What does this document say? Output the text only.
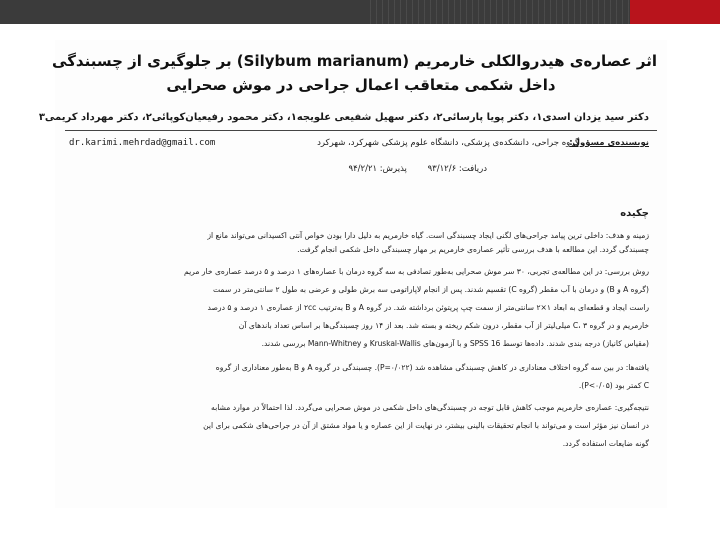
اثر عصاره‌ی هیدروالکلی خارمریم (Silybum marianum) بر جلوگیری از چسبندگی
داخل شکمی متعاقب اعمال جراحی در موش صحرایی
دکتر سید یزدان اسدی۱، دکتر پویا پارسائی۲، دکتر سهیل شفیعی علویجه۱، دکتر محمود رفیعیان‌کوپائی۲، دکتر مهرداد کریمی۳
نویسنده‌ی مسؤول:
گروه جراحی، دانشکده‌ی پزشکی، دانشگاه علوم پزشکی شهرکرد، شهرکرد
dr.karimi.mehrdad@gmail.com
دریافت: ۹۳/۱۲/۶ پذیرش: ۹۴/۲/۲۱
چکیده
زمینه و هدف: داخلی ترین پیامد جراحی‌های لگنی ایجاد چسبندگی است. گیاه خارمریم به دلیل دارا بودن خواص آنتی اکسیدانی می‌تواند مانع از
چسبندگی گردد. این مطالعه با هدف بررسی تأثیر عصاره‌ی خارمریم بر مهار چسبندگی داخل شکمی انجام گرفت.
روش بررسی: در این مطالعه‌ی تجربی، ۳۰ سر موش صحرایی به‌طور تصادفی به سه گروه درمان با عصاره‌های ۱ درصد و ۵ درصد عصاره‌ی خار مریم
(گروه A و B) و درمان با آب مقطر (گروه C) تقسیم شدند. پس از انجام لاپاراتومی سه برش طولی و عرضی به طول ۲ سانتی‌متر در سمت
راست ایجاد و قطعه‌ای به ابعاد ۱×۲ سانتی‌متر از سمت چپ پریتوئن برداشته شد. در گروه A و B به‌ترتیب ۲cc از عصاره‌ی ۱ درصد و ۵ درصد
خارمریم و در گروه C، ۳ میلی‌لیتر از آب مقطر، درون شکم ریخته و بسته شد. بعد از ۱۴ روز چسبندگی‌ها بر اساس تعداد باندهای آن
(مقیاس کانیاز) درجه بندی شدند. داده‌ها توسط SPSS 16 و با آزمون‌های Kruskal-Wallis و Mann-Whitney بررسی شدند.
یافته‌ها: در بین سه گروه اختلاف معناداری در کاهش چسبندگی مشاهده شد (P=۰/۰۲۲). چسبندگی در گروه A و B به‌طور معناداری از گروه
C کمتر بود (P<۰/۰۵).
نتیجه‌گیری: عصاره‌ی خارمریم موجب کاهش قابل توجه در چسبندگی‌های داخل شکمی در موش صحرایی می‌گردد. لذا احتمالاً در موارد مشابه
در انسان نیز مؤثر است و می‌تواند با انجام تحقیقات بالینی بیشتر، در نهایت از این عصاره و یا مواد مشتق از آن در جراحی‌های شکمی برای این
گونه ضایعات استفاده گردد.
